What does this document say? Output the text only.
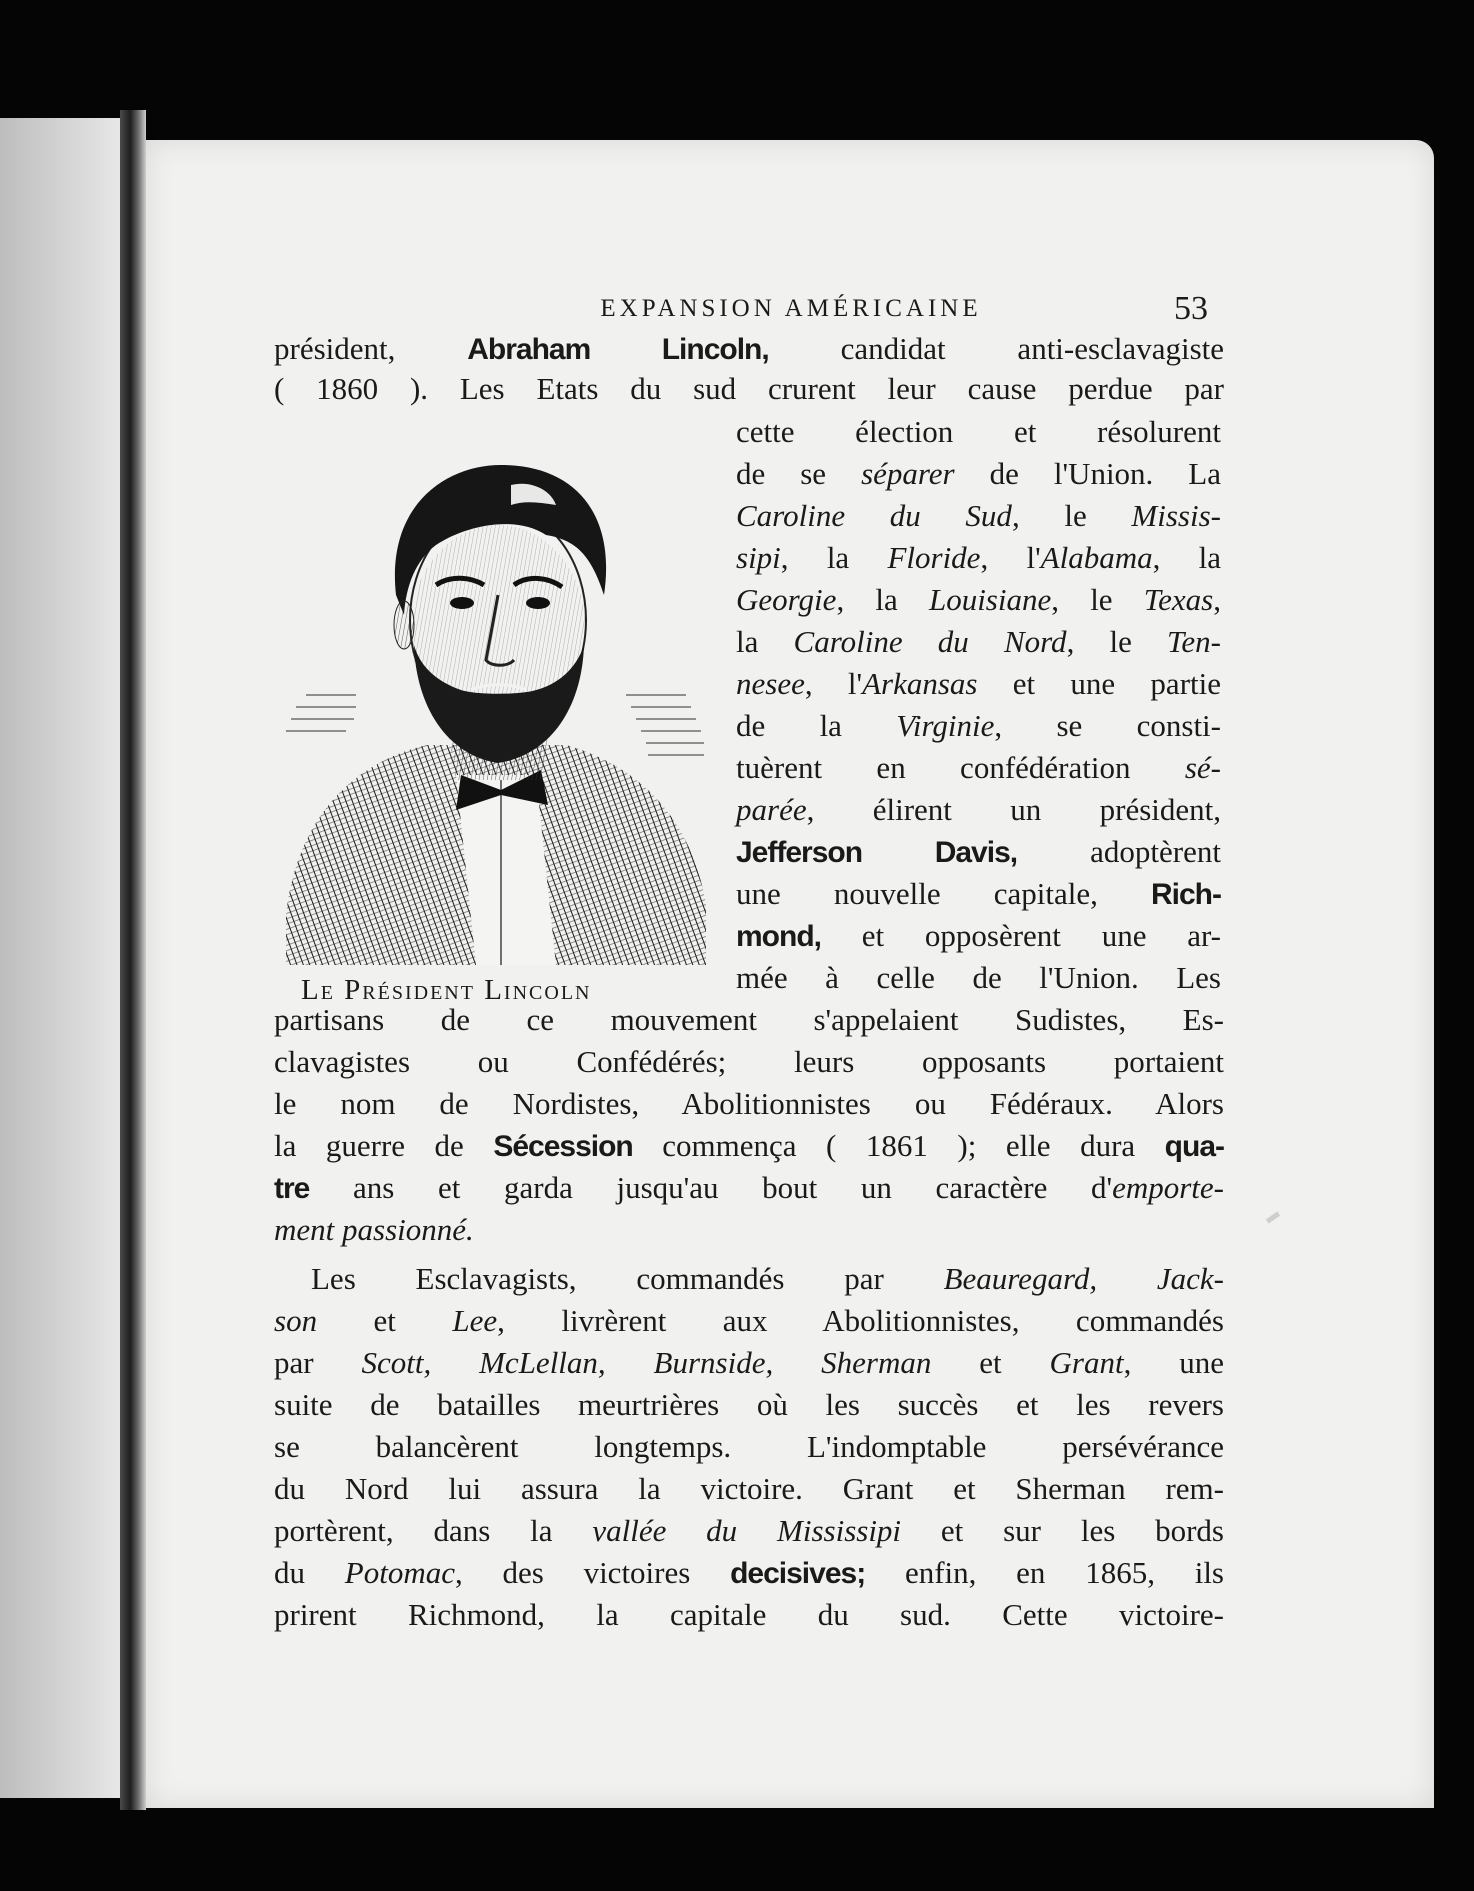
EXPANSION AMÉRICAINE	53
Le Président Lincoln

président, Abraham Lincoln, candidat anti-esclavagiste

( 1860 ). Les Etats du sud crurent leur cause perdue par

cette élection et résolurent

de se séparer de l'Union. La

Caroline du Sud, le Missis-

sipi, la Floride, l'Alabama, la

Georgie, la Louisiane, le Texas,

la Caroline du Nord, le Ten-

nesee, l'Arkansas et une partie

de la Virginie, se consti-

tuèrent en confédération sé-

parée, élirent un président,

Jefferson Davis, adoptèrent

une nouvelle capitale, Rich-

mond, et opposèrent une ar-

mée à celle de l'Union. Les

partisans de ce mouvement s'appelaient Sudistes, Es-

clavagistes ou Confédérés; leurs opposants portaient

le nom de Nordistes, Abolitionnistes ou Fédéraux. Alors

la guerre de Sécession commença ( 1861 ); elle dura qua-

tre ans et garda jusqu'au bout un caractère d'emporte-

ment passionné.

Les Esclavagists, commandés par Beauregard, Jack-

son et Lee, livrèrent aux Abolitionnistes, commandés

par Scott, McLellan, Burnside, Sherman et Grant, une

suite de batailles meurtrières où les succès et les revers

se balancèrent longtemps. L'indomptable persévérance

du Nord lui assura la victoire. Grant et Sherman rem-

portèrent, dans la vallée du Mississipi et sur les bords

du Potomac, des victoires decisives; enfin, en 1865, ils

prirent Richmond, la capitale du sud. Cette victoire-
